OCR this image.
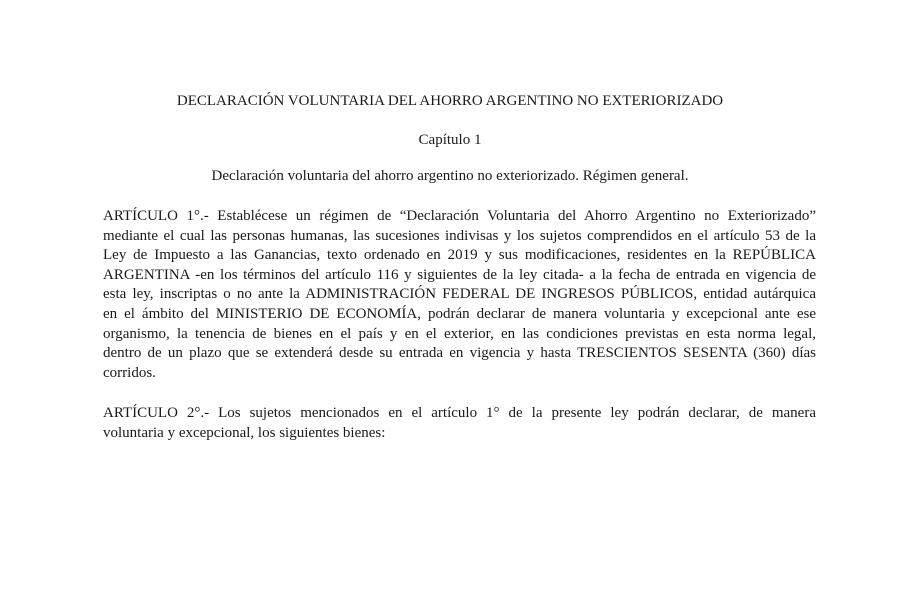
DECLARACIÓN VOLUNTARIA DEL AHORRO ARGENTINO NO EXTERIORIZADO
Capítulo 1
Declaración voluntaria del ahorro argentino no exteriorizado. Régimen general.

ARTÍCULO 1°.- Establécese un régimen de “Declaración Voluntaria del Ahorro Argentino no Exteriorizado”
mediante el cual las personas humanas, las sucesiones indivisas y los sujetos comprendidos en el artículo 53 de la
Ley de Impuesto a las Ganancias, texto ordenado en 2019 y sus modificaciones, residentes en la REPÚBLICA
ARGENTINA -en los términos del artículo 116 y siguientes de la ley citada- a la fecha de entrada en vigencia de
esta ley, inscriptas o no ante la ADMINISTRACIÓN FEDERAL DE INGRESOS PÚBLICOS, entidad autárquica
en el ámbito del MINISTERIO DE ECONOMÍA, podrán declarar de manera voluntaria y excepcional ante ese
organismo, la tenencia de bienes en el país y en el exterior, en las condiciones previstas en esta norma legal,
dentro de un plazo que se extenderá desde su entrada en vigencia y hasta TRESCIENTOS SESENTA (360) días
corridos.

ARTÍCULO 2°.- Los sujetos mencionados en el artículo 1° de la presente ley podrán declarar, de manera
voluntaria y excepcional, los siguientes bienes:
